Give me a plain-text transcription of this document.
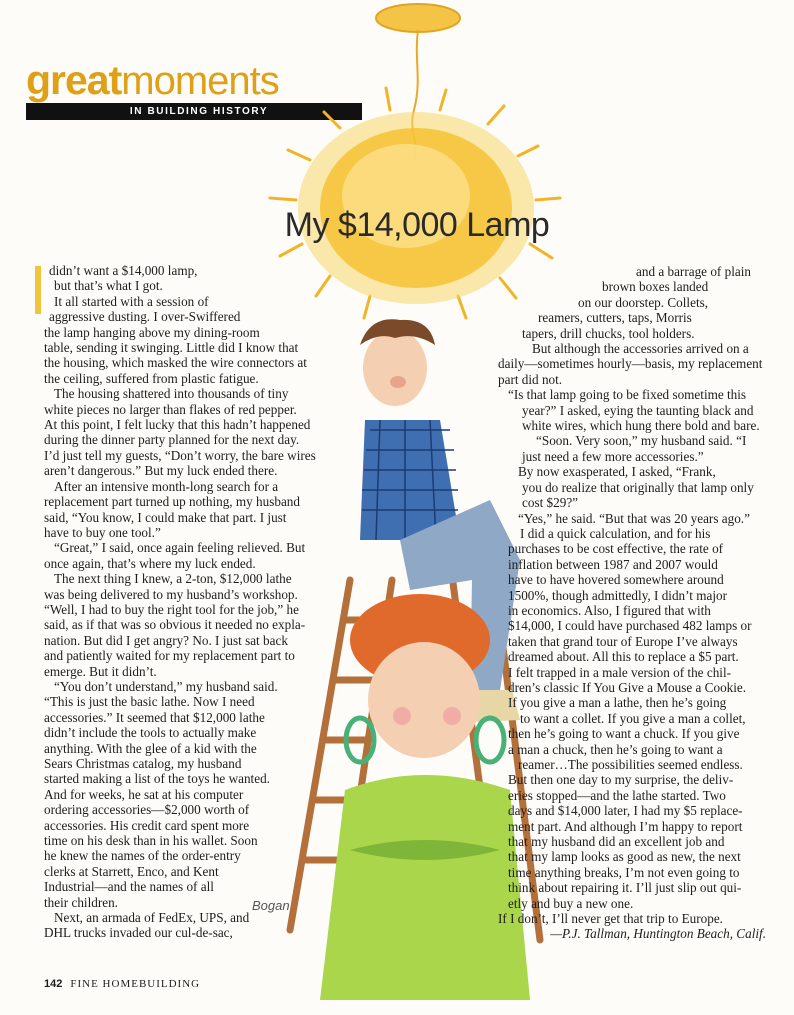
great moments
IN BUILDING HISTORY
Bogan
My $14,000 Lamp
didn’t want a $14,000 lamp,
but that’s what I got.
It all started with a session of
aggressive dusting. I over-Swiffered
the lamp hanging above my dining-room
table, sending it swinging. Little did I know that
the housing, which masked the wire connectors at
the ceiling, suffered from plastic fatigue.
The housing shattered into thousands of tiny
white pieces no larger than flakes of red pepper.
At this point, I felt lucky that this hadn’t happened
during the dinner party planned for the next day.
I’d just tell my guests, “Don’t worry, the bare wires
aren’t dangerous.” But my luck ended there.
After an intensive month-long search for a
replacement part turned up nothing, my husband
said, “You know, I could make that part. I just
have to buy one tool.”
“Great,” I said, once again feeling relieved. But
once again, that’s where my luck ended.
The next thing I knew, a 2-ton, $12,000 lathe
was being delivered to my husband’s workshop.
“Well, I had to buy the right tool for the job,” he
said, as if that was so obvious it needed no expla-
nation. But did I get angry? No. I just sat back
and patiently waited for my replacement part to
emerge. But it didn’t.
“You don’t understand,” my husband said.
“This is just the basic lathe. Now I need
accessories.” It seemed that $12,000 lathe
didn’t include the tools to actually make
anything. With the glee of a kid with the
Sears Christmas catalog, my husband
started making a list of the toys he wanted.
And for weeks, he sat at his computer
ordering accessories—$2,000 worth of
accessories. His credit card spent more
time on his desk than in his wallet. Soon
he knew the names of the order-entry
clerks at Starrett, Enco, and Kent
Industrial—and the names of all
their children.
Next, an armada of FedEx, UPS, and
DHL trucks invaded our cul-de-sac,
and a barrage of plain
brown boxes landed
on our doorstep. Collets,
reamers, cutters, taps, Morris
tapers, drill chucks, tool holders.
But although the accessories arrived on a
daily—sometimes hourly—basis, my replacement
part did not.
“Is that lamp going to be fixed sometime this
year?” I asked, eying the taunting black and
white wires, which hung there bold and bare.
“Soon. Very soon,” my husband said. “I
just need a few more accessories.”
By now exasperated, I asked, “Frank,
you do realize that originally that lamp only
cost $29?”
“Yes,” he said. “But that was 20 years ago.”
I did a quick calculation, and for his
purchases to be cost effective, the rate of
inflation between 1987 and 2007 would
have to have hovered somewhere around
1500%, though admittedly, I didn’t major
in economics. Also, I figured that with
$14,000, I could have purchased 482 lamps or
taken that grand tour of Europe I’ve always
dreamed about. All this to replace a $5 part.
I felt trapped in a male version of the chil-
dren’s classic If You Give a Mouse a Cookie.
If you give a man a lathe, then he’s going
to want a collet. If you give a man a collet,
then he’s going to want a chuck. If you give
a man a chuck, then he’s going to want a
reamer…The possibilities seemed endless.
But then one day to my surprise, the deliv-
eries stopped—and the lathe started. Two
days and $14,000 later, I had my $5 replace-
ment part. And although I’m happy to report
that my husband did an excellent job and
that my lamp looks as good as new, the next
time anything breaks, I’m not even going to
think about repairing it. I’ll just slip out qui-
etly and buy a new one.
If I don’t, I’ll never get that trip to Europe.
—P.J. Tallman, Huntington Beach, Calif.
142 FINE HOMEBUILDING
